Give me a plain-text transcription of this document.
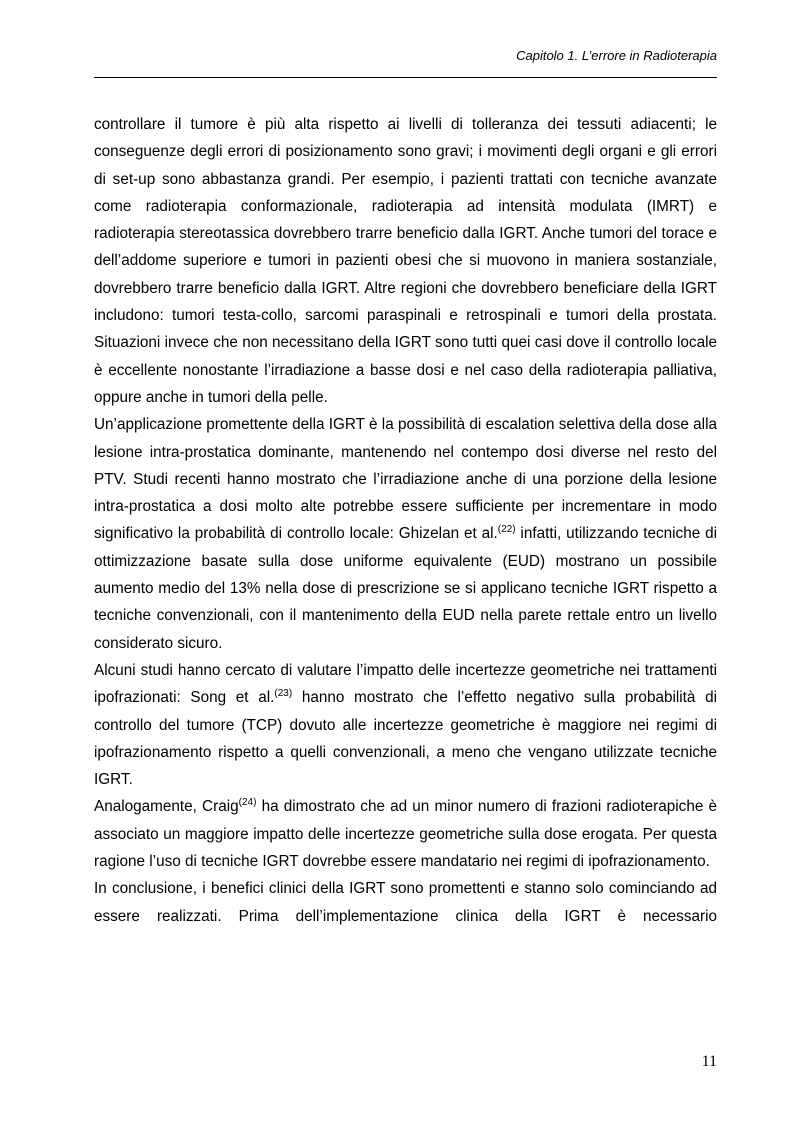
Capitolo 1. L’errore in Radioterapia

controllare il tumore è più alta rispetto ai livelli di tolleranza dei tessuti adiacenti; le conseguenze degli errori di posizionamento sono gravi; i movimenti degli organi e gli errori di set-up sono abbastanza grandi. Per esempio, i pazienti trattati con tecniche avanzate come radioterapia conformazionale, radioterapia ad intensità modulata (IMRT) e radioterapia stereotassica dovrebbero trarre beneficio dalla IGRT. Anche tumori del torace e dell’addome superiore e tumori in pazienti obesi che si muovono in maniera sostanziale, dovrebbero trarre beneficio dalla IGRT. Altre regioni che dovrebbero beneficiare della IGRT includono: tumori testa-collo, sarcomi paraspinali e retrospinali e tumori della prostata. Situazioni invece che non necessitano della IGRT sono tutti quei casi dove il controllo locale è eccellente nonostante l’irradiazione a basse dosi e nel caso della radioterapia palliativa, oppure anche in tumori della pelle.

Un’applicazione promettente della IGRT è la possibilità di escalation selettiva della dose alla lesione intra-prostatica dominante, mantenendo nel contempo dosi diverse nel resto del PTV. Studi recenti hanno mostrato che l’irradiazione anche di una porzione della lesione intra-prostatica a dosi molto alte potrebbe essere sufficiente per incrementare in modo significativo la probabilità di controllo locale: Ghizelan et al.$^{(22)}$ infatti, utilizzando tecniche di ottimizzazione basate sulla dose uniforme equivalente (EUD) mostrano un possibile aumento medio del 13% nella dose di prescrizione se si applicano tecniche IGRT rispetto a tecniche convenzionali, con il mantenimento della EUD nella parete rettale entro un livello considerato sicuro.

Alcuni studi hanno cercato di valutare l’impatto delle incertezze geometriche nei trattamenti ipofrazionati: Song et al.$^{(23)}$ hanno mostrato che l’effetto negativo sulla probabilità di controllo del tumore (TCP) dovuto alle incertezze geometriche è maggiore nei regimi di ipofrazionamento rispetto a quelli convenzionali, a meno che vengano utilizzate tecniche IGRT.

Analogamente, Craig$^{(24)}$ ha dimostrato che ad un minor numero di frazioni radioterapiche è associato un maggiore impatto delle incertezze geometriche sulla dose erogata. Per questa ragione l’uso di tecniche IGRT dovrebbe essere mandatario nei regimi di ipofrazionamento.

In conclusione, i benefici clinici della IGRT sono promettenti e stanno solo cominciando ad essere realizzati. Prima dell’implementazione clinica della IGRT è necessario

11
